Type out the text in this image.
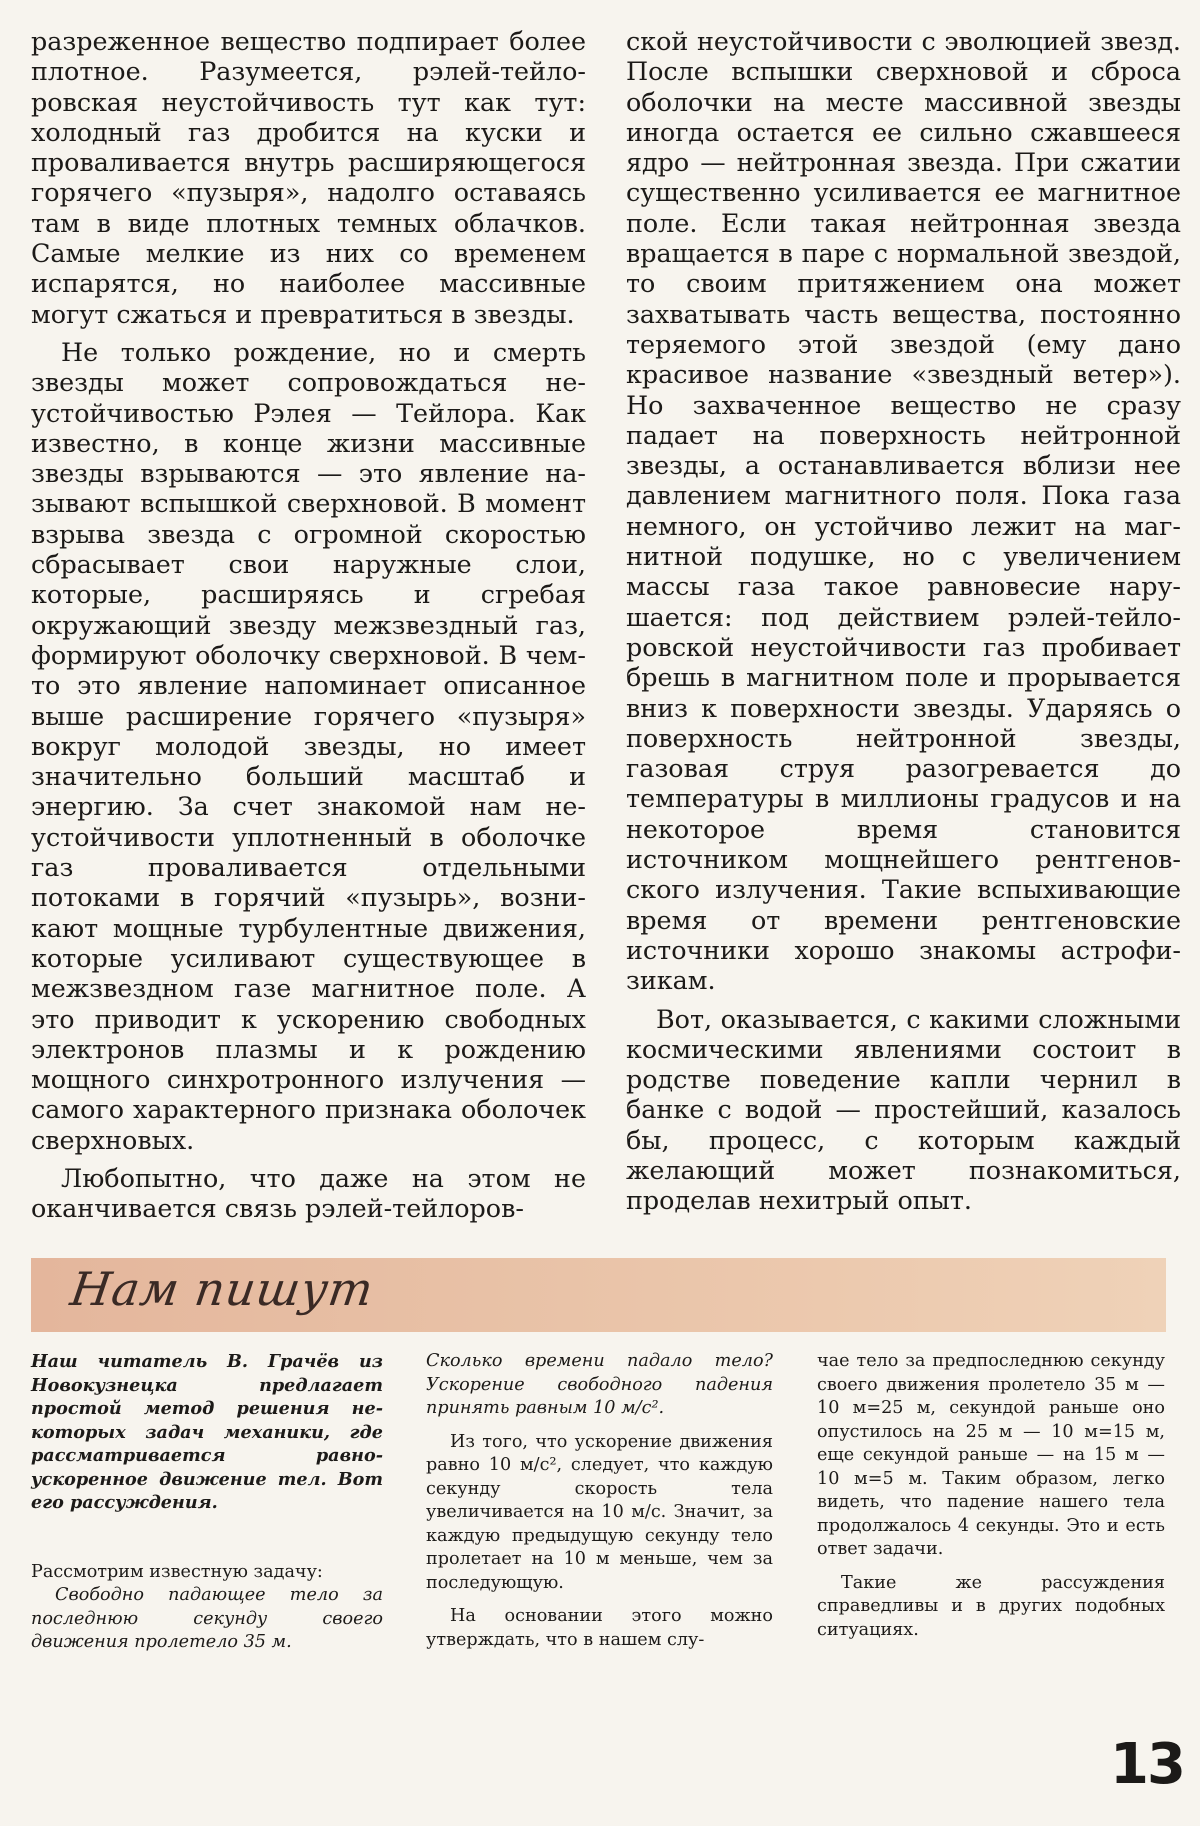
разреженное вещество подпирает более плотное. Разумеется, рэлей-тейлоровская неустойчивость тут как тут: холодный газ дробится на куски и проваливается внутрь расширяющегося горячего «пузыря», надолго оставаясь там в виде плотных темных облачков. Самые мелкие из них со временем испарятся, но наиболее массивные могут сжаться и превратиться в звезды.

Не только рождение, но и смерть звезды может сопровождаться неустойчивостью Рэлея — Тейлора. Как известно, в конце жизни массивные звезды взрываются — это явление называют вспышкой сверхновой. В момент взрыва звезда с огромной скоростью сбрасывает свои наружные слои, которые, расширяясь и сгребая окружающий звезду межзвездный газ, формируют оболочку сверхновой. В чем-то это явление напоминает описанное выше расширение горячего «пузыря» вокруг молодой звезды, но имеет значительно больший масштаб и энергию. За счет знакомой нам неустойчивости уплотненный в оболочке газ проваливается отдельными потоками в горячий «пузырь», возникают мощные турбулентные движения, которые усиливают существующее в межзвездном газе магнитное поле. А это приводит к ускорению свободных электронов плазмы и к рождению мощного синхротронного излучения — самого характерного признака оболочек сверхновых.

Любопытно, что даже на этом не оканчивается связь рэлей-тейлоров-

ской неустойчивости с эволюцией звезд. После вспышки сверхновой и сброса оболочки на месте массивной звезды иногда остается ее сильно сжавшееся ядро — нейтронная звезда. При сжатии существенно усиливается ее магнитное поле. Если такая нейтронная звезда вращается в паре с нормальной звездой, то своим притяжением она может захватывать часть вещества, постоянно теряемого этой звездой (ему дано красивое название «звездный ветер»). Но захваченное вещество не сразу падает на поверхность нейтронной звезды, а останавливается вблизи нее давлением магнитного поля. Пока газа немного, он устойчиво лежит на магнитной подушке, но с увеличением массы газа такое равновесие нарушается: под действием рэлей-тейлоровской неустойчивости газ пробивает брешь в магнитном поле и прорывается вниз к поверхности звезды. Ударяясь о поверхность нейтронной звезды, газовая струя разогревается до температуры в миллионы градусов и на некоторое время становится источником мощнейшего рентгеновского излучения. Такие вспыхивающие время от времени рентгеновские источники хорошо знакомы астрофизикам.

Вот, оказывается, с какими сложными космическими явлениями состоит в родстве поведение капли чернил в банке с водой — простейший, казалось бы, процесс, с которым каждый желающий может познакомиться, проделав нехитрый опыт.

Нам пишут

Наш читатель В. Грачёв из Новокузнецка предлагает простой метод решения некоторых задач механики, где рассматривается равноускоренное движение тел. Вот его рассуждения.

Рассмотрим известную задачу:

Свободно падающее тело за последнюю секунду своего движения пролетело 35 м.

Сколько времени падало тело? Ускорение свободного падения принять равным 10 м/с².

Из того, что ускорение движения равно 10 м/с², следует, что каждую секунду скорость тела увеличивается на 10 м/с. Значит, за каждую предыдущую секунду тело пролетает на 10 м меньше, чем за последующую.

На основании этого можно утверждать, что в нашем слу-

чае тело за предпоследнюю секунду своего движения пролетело 35 м — 10 м=25 м, секундой раньше оно опустилось на 25 м — 10 м=15 м, еще секундой раньше — на 15 м — 10 м=5 м. Таким образом, легко видеть, что падение нашего тела продолжалось 4 секунды. Это и есть ответ задачи.

Такие же рассуждения справедливы и в других подобных ситуациях.

13
